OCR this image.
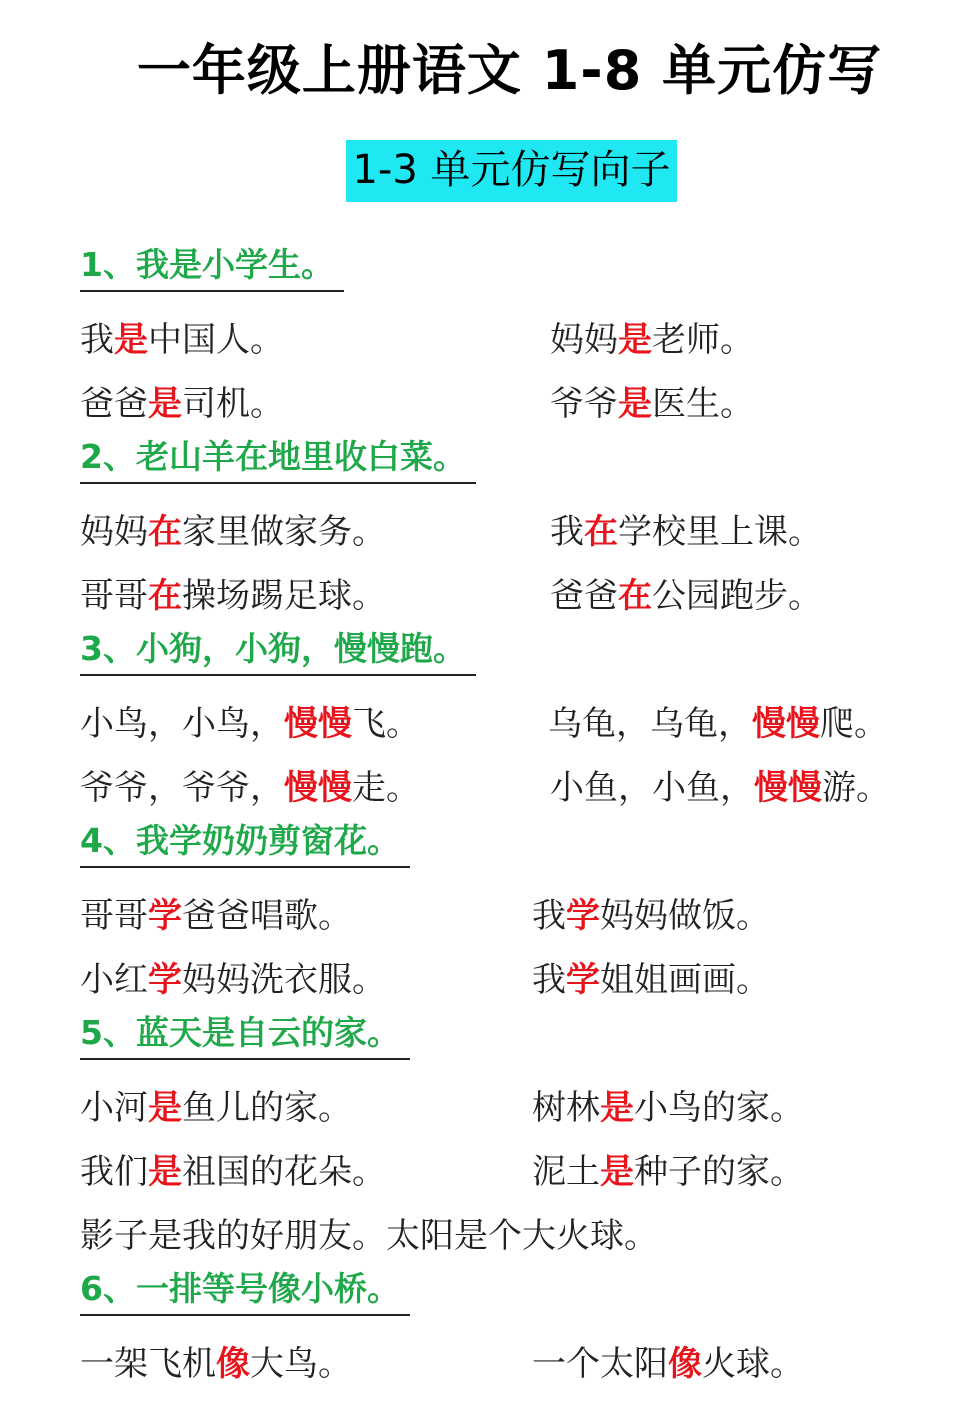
一年级上册语文 1-8 单元仿写
1-3 单元仿写向子
1、我是小学生。
我是中国人。	妈妈是老师。
爸爸是司机。	爷爷是医生。
2、老山羊在地里收白菜。
妈妈在家里做家务。	我在学校里上课。
哥哥在操场踢足球。	爸爸在公园跑步。
3、小狗，小狗，慢慢跑。
小鸟，小鸟，慢慢飞。	乌龟，乌龟，慢慢爬。
爷爷，爷爷，慢慢走。	小鱼，小鱼，慢慢游。
4、我学奶奶剪窗花。
哥哥学爸爸唱歌。	我学妈妈做饭。
小红学妈妈洗衣服。	我学姐姐画画。
5、蓝天是自云的家。
小河是鱼儿的家。	树林是小鸟的家。
我们是祖国的花朵。	泥土是种子的家。
影子是我的好朋友。太阳是个大火球。
6、一排等号像小桥。
一架飞机像大鸟。	一个太阳像火球。
